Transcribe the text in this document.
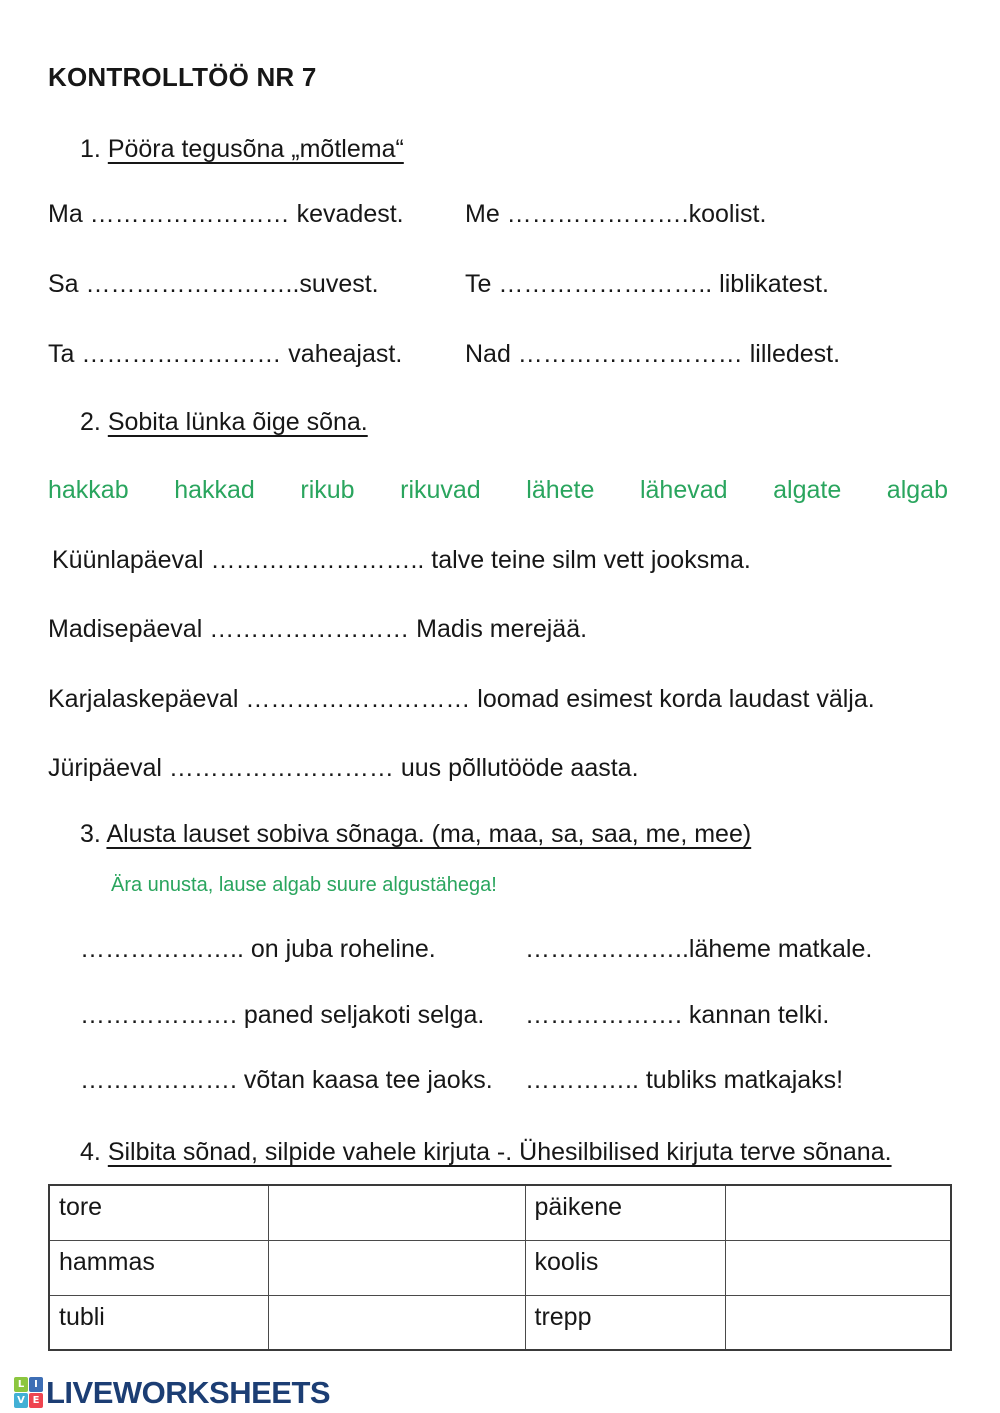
KONTROLLTÖÖ NR 7
1. Pööra tegusõna „mõtlema“
Ma …………………… kevadest.	Me ………………….koolist.
Sa ……………………..suvest.	Te …………………….. liblikatest.
Ta …………………… vaheajast.	Nad ……………………… lilledest.
2. Sobita lünka õige sõna.
hakkab hakkad rikub rikuvad lähete lähevad algate algab
Küünlapäeval …………………….. talve teine silm vett jooksma.
Madisepäeval …………………… Madis merejää.
Karjalaskepäeval ……………………… loomad esimest korda laudast välja.
Jüripäeval ……………………… uus põllutööde aasta.
3. Alusta lauset sobiva sõnaga. (ma, maa, sa, saa, me, mee)
Ära unusta, lause algab suure algustähega!
……………….. on juba roheline.	………………..läheme matkale.
………………. paned seljakoti selga.	………………. kannan telki.
………………. võtan kaasa tee jaoks.	………….. tubliks matkajaks!
4. Silbita sõnad, silpide vahele kirjuta -. Ühesilbilised kirjuta terve sõnana.
tore		päikene	
hammas		koolis	
tubli		trepp	
L I
V E LIVEWORKSHEETS
